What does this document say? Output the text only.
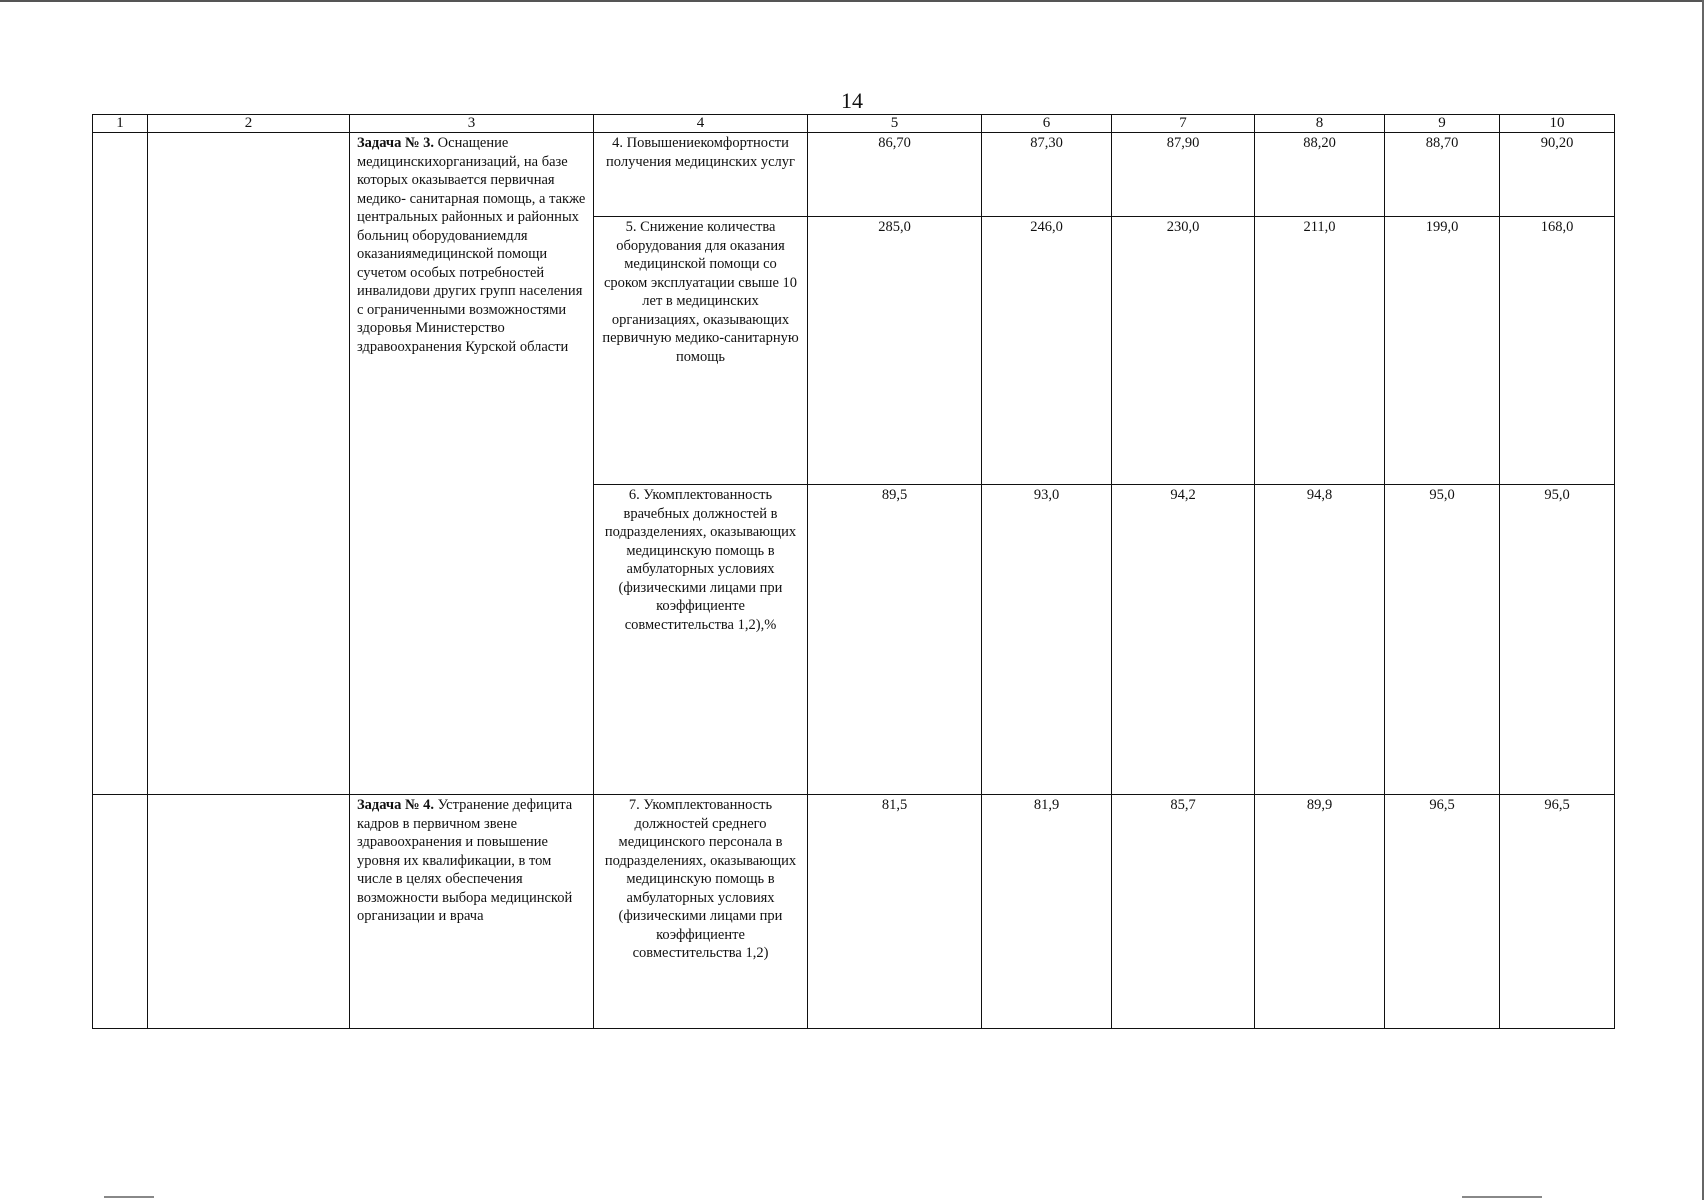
14
1	2	3	4	5	6	7	8	9	10
		Задача № 3. Оснащение медицинскихорганизаций, на базе которых оказывается первичная медико- санитарная помощь, а также центральных районных и районных больниц оборудованиемдля оказаниямедицинской помощи сучетом особых потребностей инвалидови других групп населения с ограниченными возможностями здоровья Министерство здравоохранения Курской области	4. Повышениекомфортности получения медицинских услуг	86,70	87,30	87,90	88,20	88,70	90,20
			5. Снижение количества оборудования для оказания медицинской помощи со сроком эксплуатации свыше 10 лет в медицинских организациях, оказывающих первичную медико-санитарную помощь	285,0	246,0	230,0	211,0	199,0	168,0
			6. Укомплектованность врачебных должностей в подразделениях, оказывающих медицинскую помощь в амбулаторных условиях (физическими лицами при коэффициенте совместительства 1,2),%	89,5	93,0	94,2	94,8	95,0	95,0
		Задача № 4. Устранение дефицита кадров в первичном звене здравоохранения и повышение уровня их квалификации, в том числе в целях обеспечения возможности выбора медицинской организации и врача	7. Укомплектованность должностей среднего медицинского персонала в подразделениях, оказывающих медицинскую помощь в амбулаторных условиях (физическими лицами при коэффициенте совместительства 1,2)	81,5	81,9	85,7	89,9	96,5	96,5
